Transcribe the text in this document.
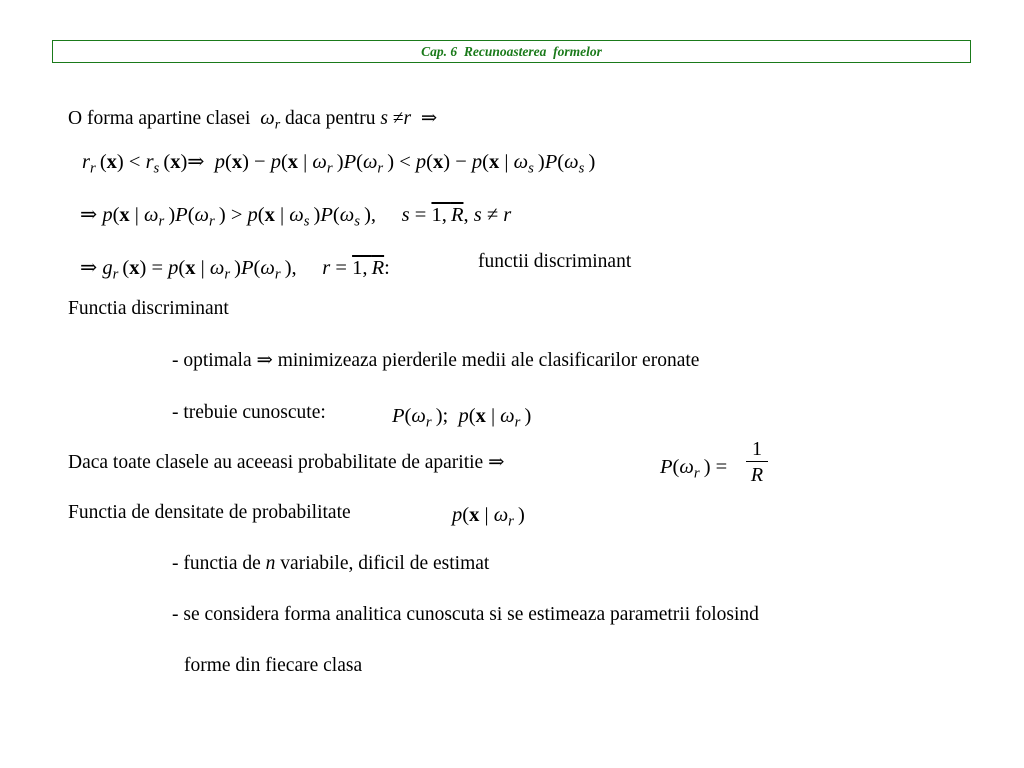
Cap. 6  Recunoasterea  formelor
O forma apartine clasei $\omega_r$ daca pentru s ≠r  ⇒
$r_r$ $(x) < r_s$ (x)⇒  p(x) − p(x | $\omega_r$ )$P(\omega_r$ ) < p(x) − p(x | $\omega_s$ )$P(\omega_s$ )
⇒ p(x | $\omega_r$ )$P(\omega_r$ ) > p(x | $\omega_s$ )$P(\omega_s$ ),     s = 1, R, s ≠ r
⇒ $g_r$ (x) = p(x | $\omega_r$ )$P(\omega_r$ ),     r = 1, R:	functii discriminant
Functia discriminant
- optimala ⇒ minimizeaza pierderile medii ale clasificarilor eronate
- trebuie cunoscute:	$P(\omega_r$ );  p(x | $\omega_r$ )
Daca toate clasele au aceeasi probabilitate de aparitie ⇒	$P(\omega_r$ ) =
1
R
Functia de densitate de probabilitate	p(x | $\omega_r$ )
- functia de n variabile, dificil de estimat
- se considera forma analitica cunoscuta si se estimeaza parametrii folosind
forme din fiecare clasa
